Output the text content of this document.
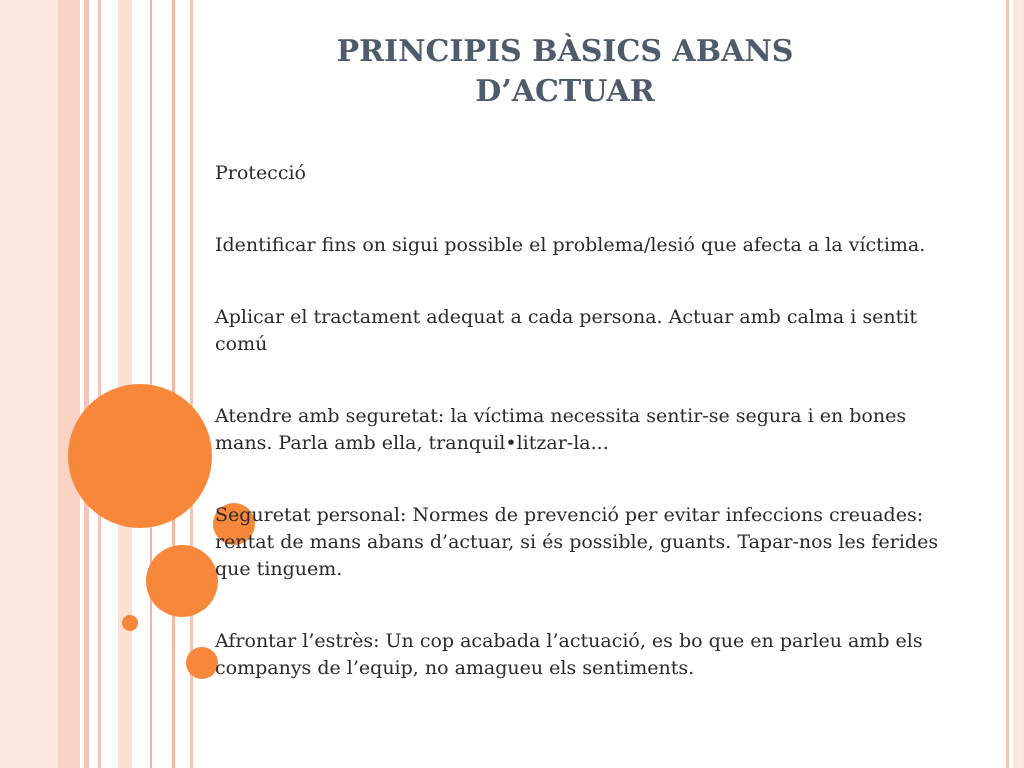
PRINCIPIS BÀSICS ABANS
D’ACTUAR
Protecció
Identificar fins on sigui possible el problema/lesió que afecta a la víctima.
Aplicar el tractament adequat a cada persona. Actuar amb calma i sentit comú
Atendre amb seguretat: la víctima necessita sentir-se segura i en bones mans. Parla amb ella, tranquil•litzar-la...
Seguretat personal: Normes de prevenció per evitar infeccions creuades: rentat de mans abans d’actuar, si és possible, guants. Tapar-nos les ferides que tinguem.
Afrontar l’estrès: Un cop acabada l’actuació, es bo que en parleu amb els companys de l’equip, no amagueu els sentiments.
